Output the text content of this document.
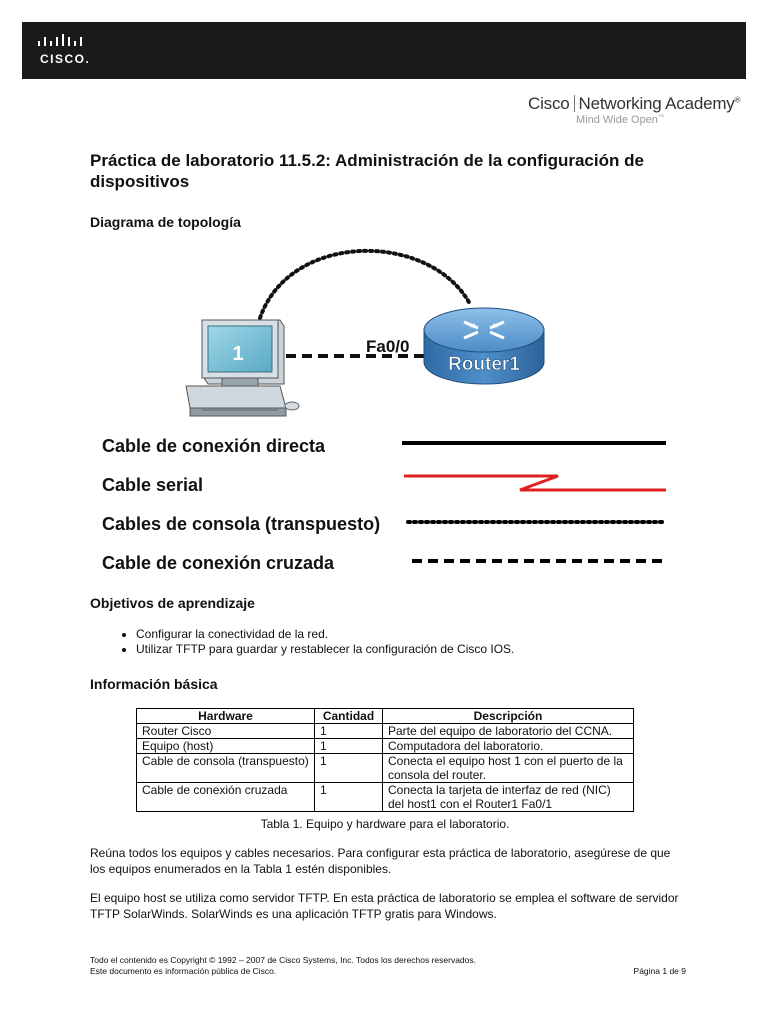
CISCO.
Cisco Networking Academy®
Mind Wide Open™
Práctica de laboratorio 11.5.2: Administración de la configuración de dispositivos
Diagrama de topología
1	Router1
Fa0/0
Cable de conexión directa
Cable serial
Cables de consola (transpuesto)
Cable de conexión cruzada
Objetivos de aprendizaje
• Configurar la conectividad de la red.
• Utilizar TFTP para guardar y restablecer la configuración de Cisco IOS.
Información básica
Hardware	Cantidad	Descripción
Router Cisco	1	Parte del equipo de laboratorio del CCNA.
Equipo (host)	1	Computadora del laboratorio.
Cable de consola (transpuesto)	1	Conecta el equipo host 1 con el puerto de la consola del router.
Cable de conexión cruzada	1	Conecta la tarjeta de interfaz de red (NIC) del host1 con el Router1 Fa0/1
Tabla 1. Equipo y hardware para el laboratorio.

Reúna todos los equipos y cables necesarios. Para configurar esta práctica de laboratorio, asegúrese de que los equipos enumerados en la Tabla 1 estén disponibles.

El equipo host se utiliza como servidor TFTP. En esta práctica de laboratorio se emplea el software de servidor TFTP SolarWinds. SolarWinds es una aplicación TFTP gratis para Windows.

Todo el contenido es Copyright © 1992 – 2007 de Cisco Systems, Inc. Todos los derechos reservados.
Este documento es información pública de Cisco.	Página 1 de 9
